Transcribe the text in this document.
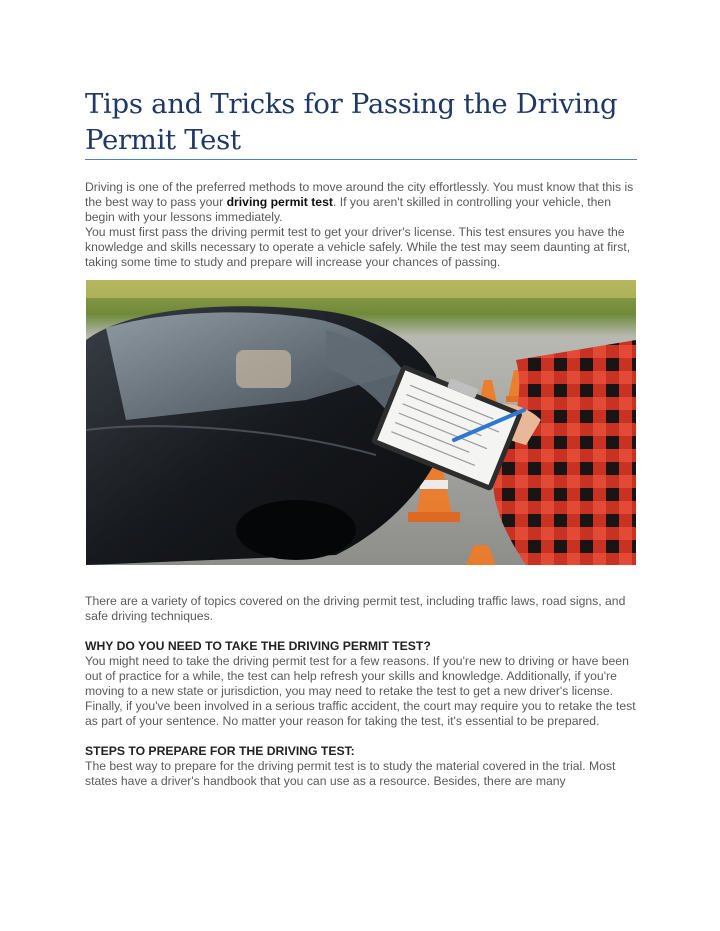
Tips and Tricks for Passing the Driving Permit Test

Driving is one of the preferred methods to move around the city effortlessly. You must know that this is the best way to pass your driving permit test. If you aren't skilled in controlling your vehicle, then begin with your lessons immediately.

You must first pass the driving permit test to get your driver's license. This test ensures you have the knowledge and skills necessary to operate a vehicle safely. While the test may seem daunting at first, taking some time to study and prepare will increase your chances of passing.

There are a variety of topics covered on the driving permit test, including traffic laws, road signs, and safe driving techniques.

WHY DO YOU NEED TO TAKE THE DRIVING PERMIT TEST?

You might need to take the driving permit test for a few reasons. If you're new to driving or have been out of practice for a while, the test can help refresh your skills and knowledge. Additionally, if you're moving to a new state or jurisdiction, you may need to retake the test to get a new driver's license.

Finally, if you've been involved in a serious traffic accident, the court may require you to retake the test as part of your sentence. No matter your reason for taking the test, it's essential to be prepared.

STEPS TO PREPARE FOR THE DRIVING TEST:

The best way to prepare for the driving permit test is to study the material covered in the trial. Most states have a driver's handbook that you can use as a resource. Besides, there are many
